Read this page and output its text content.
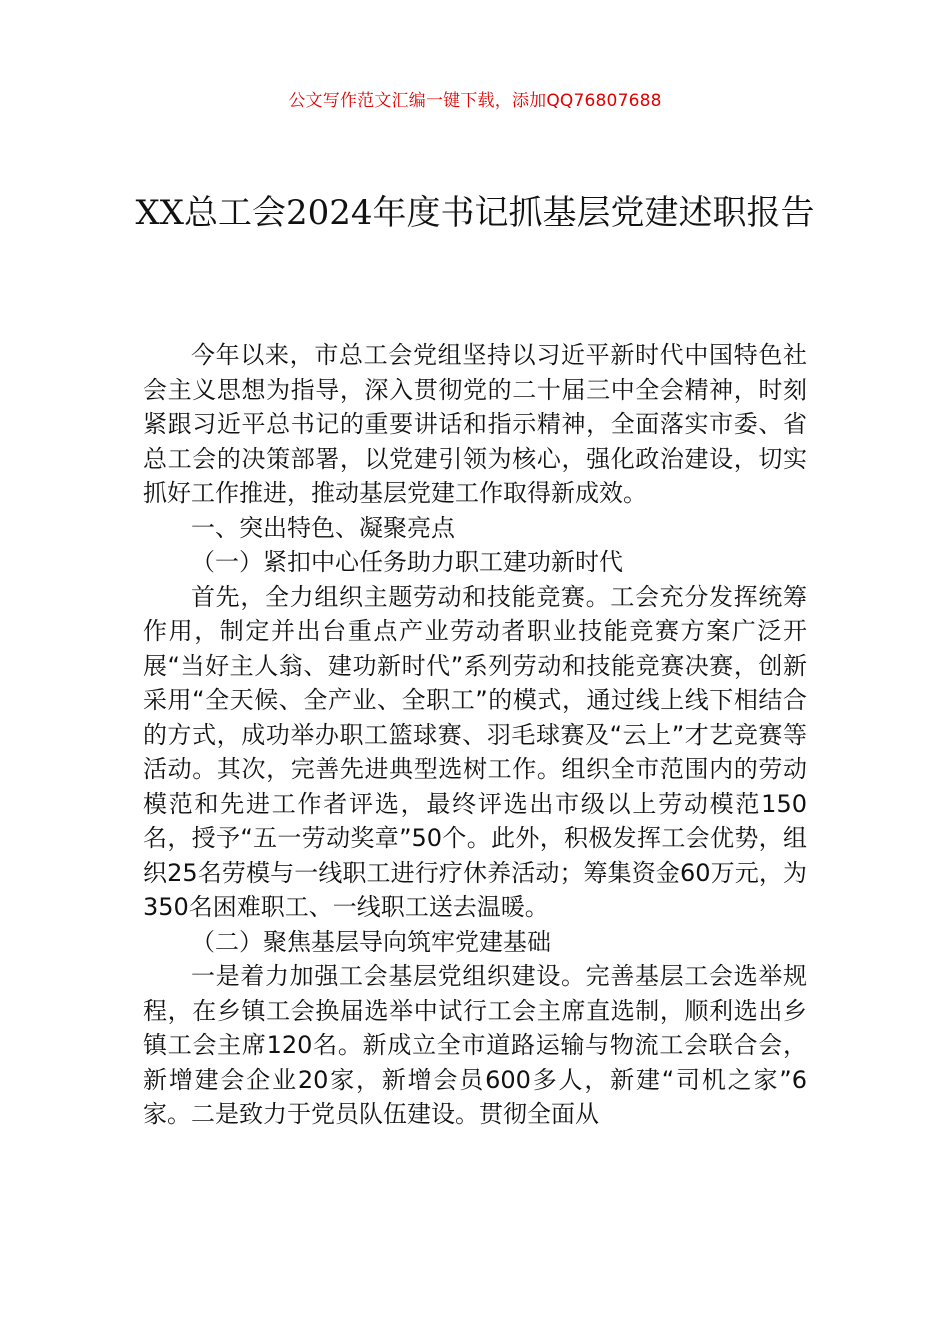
公文写作范文汇编一键下载，添加QQ76807688
XX总工会2024年度书记抓基层党建述职报告

今年以来，市总工会党组坚持以习近平新时代中国特色社会主义思想为指导，深入贯彻党的二十届三中全会精神，时刻紧跟习近平总书记的重要讲话和指示精神，全面落实市委、省总工会的决策部署，以党建引领为核心，强化政治建设，切实抓好工作推进，推动基层党建工作取得新成效。

一、突出特色、凝聚亮点

（一）紧扣中心任务助力职工建功新时代

首先，全力组织主题劳动和技能竞赛。工会充分发挥统筹作用，制定并出台重点产业劳动者职业技能竞赛方案广泛开展“当好主人翁、建功新时代”系列劳动和技能竞赛决赛，创新采用“全天候、全产业、全职工”的模式，通过线上线下相结合的方式，成功举办职工篮球赛、羽毛球赛及“云上”才艺竞赛等活动。其次，完善先进典型选树工作。组织全市范围内的劳动模范和先进工作者评选，最终评选出市级以上劳动模范150名，授予“五一劳动奖章”50个。此外，积极发挥工会优势，组织25名劳模与一线职工进行疗休养活动；筹集资金60万元，为350名困难职工、一线职工送去温暖。

（二）聚焦基层导向筑牢党建基础

一是着力加强工会基层党组织建设。完善基层工会选举规程，在乡镇工会换届选举中试行工会主席直选制，顺利选出乡镇工会主席120名。新成立全市道路运输与物流工会联合会，新增建会企业20家，新增会员600多人，新建“司机之家”6家。二是致力于党员队伍建设。贯彻全面从
